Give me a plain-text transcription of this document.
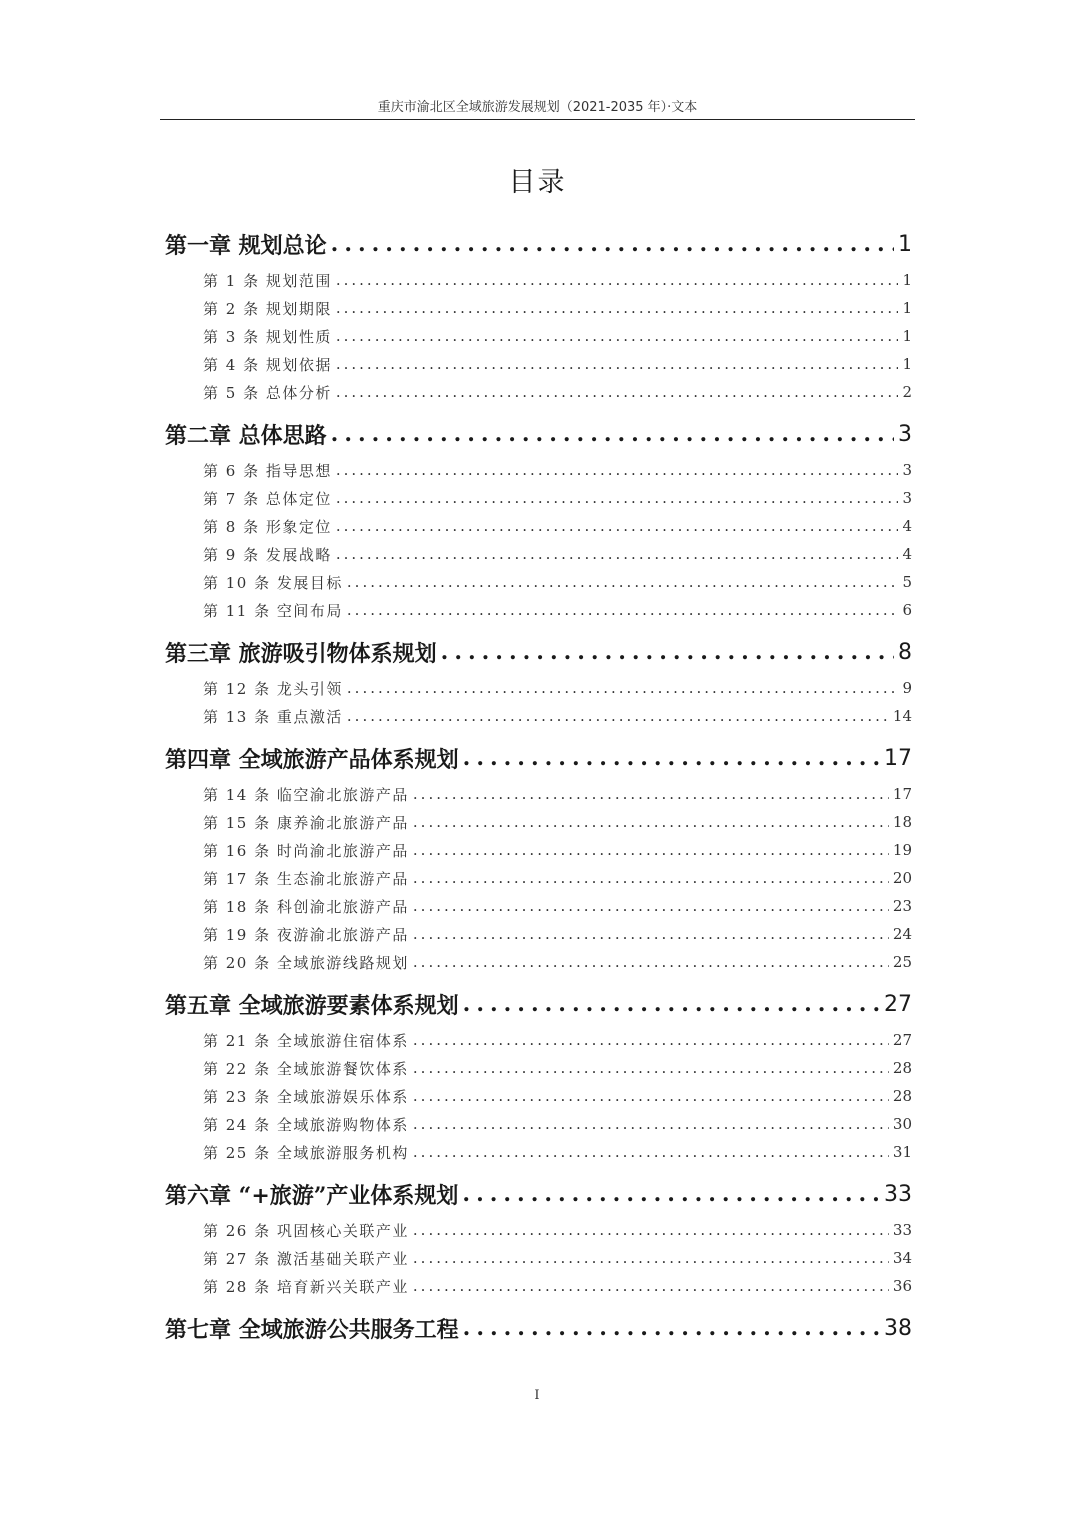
重庆市渝北区全域旅游发展规划（2021-2035 年）·文本
目录
第一章 规划总论 .....	1
第 1 条 规划范围 .....	1
第 2 条 规划期限 .....	1
第 3 条 规划性质 .....	1
第 4 条 规划依据 .....	1
第 5 条 总体分析 .....	2
第二章 总体思路 .....	3
第 6 条 指导思想 .....	3
第 7 条 总体定位 .....	3
第 8 条 形象定位 .....	4
第 9 条 发展战略 .....	4
第 10 条 发展目标 .....	5
第 11 条 空间布局 .....	6
第三章 旅游吸引物体系规划 .....	8
第 12 条 龙头引领 .....	9
第 13 条 重点激活 .....	14
第四章 全域旅游产品体系规划 .....	17
第 14 条 临空渝北旅游产品 .....	17
第 15 条 康养渝北旅游产品 .....	18
第 16 条 时尚渝北旅游产品 .....	19
第 17 条 生态渝北旅游产品 .....	20
第 18 条 科创渝北旅游产品 .....	23
第 19 条 夜游渝北旅游产品 .....	24
第 20 条 全域旅游线路规划 .....	25
第五章 全域旅游要素体系规划 .....	27
第 21 条 全域旅游住宿体系 .....	27
第 22 条 全域旅游餐饮体系 .....	28
第 23 条 全域旅游娱乐体系 .....	28
第 24 条 全域旅游购物体系 .....	30
第 25 条 全域旅游服务机构 .....	31
第六章 “+旅游”产业体系规划 .....	33
第 26 条 巩固核心关联产业 .....	33
第 27 条 激活基础关联产业 .....	34
第 28 条 培育新兴关联产业 .....	36
第七章 全域旅游公共服务工程 .....	38
I
